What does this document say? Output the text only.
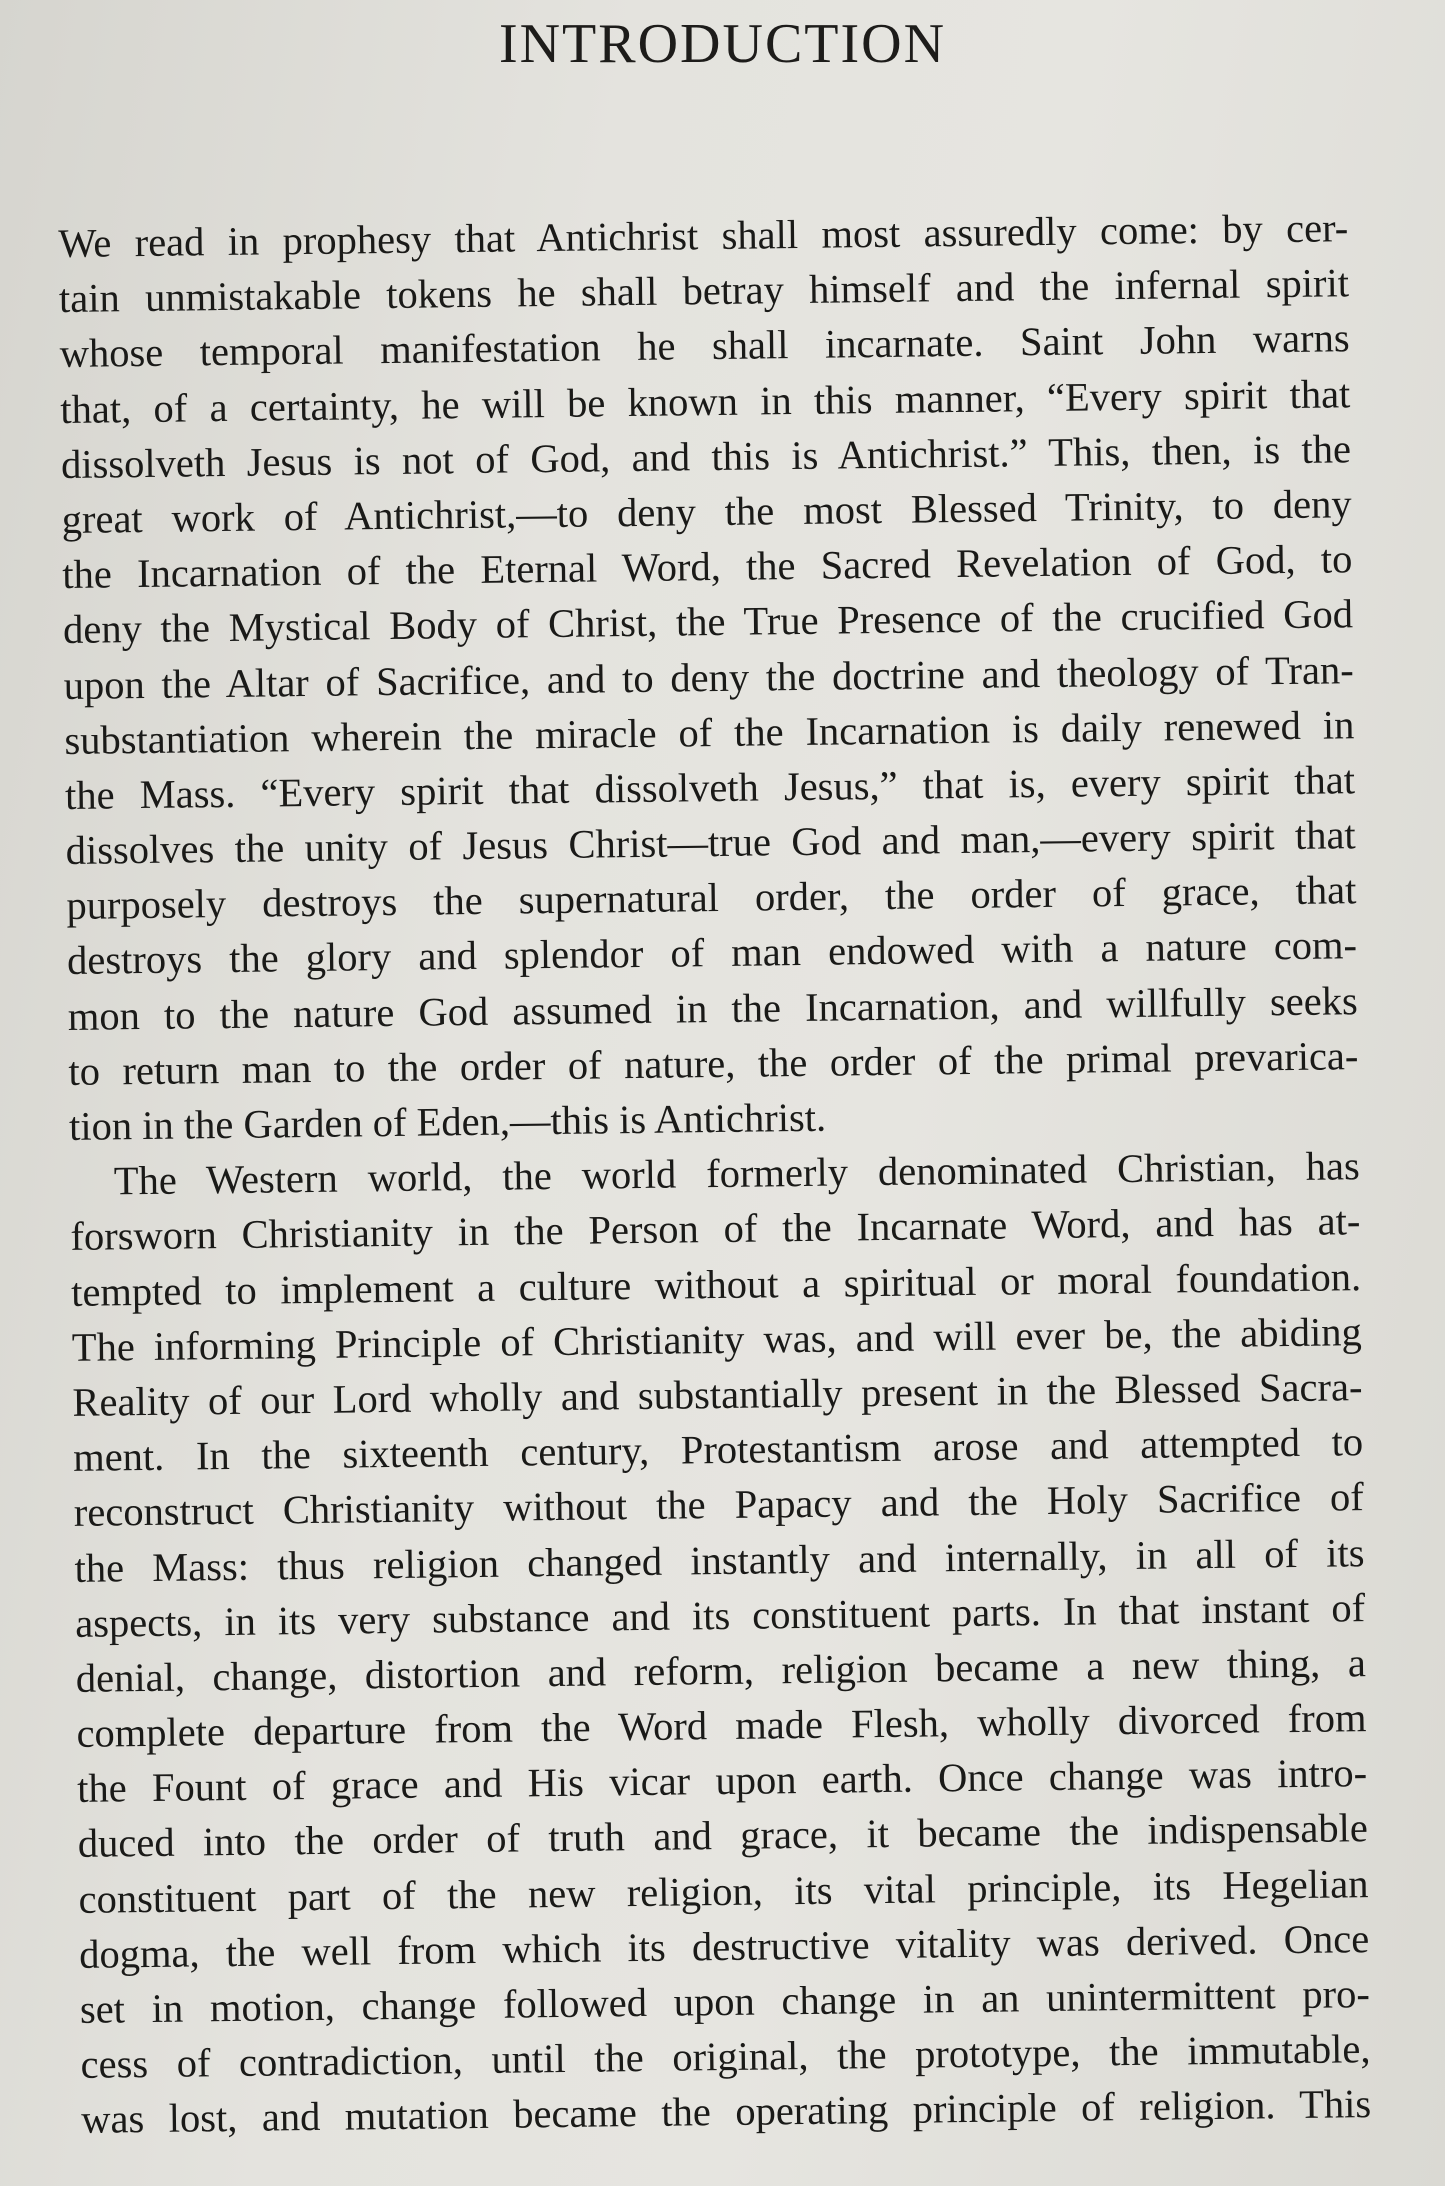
INTRODUCTION
We read in prophesy that Antichrist shall most assuredly come: by cer-
tain unmistakable tokens he shall betray himself and the infernal spirit
whose temporal manifestation he shall incarnate. Saint John warns
that, of a certainty, he will be known in this manner, “Every spirit that
dissolveth Jesus is not of God, and this is Antichrist.” This, then, is the
great work of Antichrist,—to deny the most Blessed Trinity, to deny
the Incarnation of the Eternal Word, the Sacred Revelation of God, to
deny the Mystical Body of Christ, the True Presence of the crucified God
upon the Altar of Sacrifice, and to deny the doctrine and theology of Tran-
substantiation wherein the miracle of the Incarnation is daily renewed in
the Mass. “Every spirit that dissolveth Jesus,” that is, every spirit that
dissolves the unity of Jesus Christ—true God and man,—every spirit that
purposely destroys the supernatural order, the order of grace, that
destroys the glory and splendor of man endowed with a nature com-
mon to the nature God assumed in the Incarnation, and willfully seeks
to return man to the order of nature, the order of the primal prevarica-
tion in the Garden of Eden,—this is Antichrist.
The Western world, the world formerly denominated Christian, has
forsworn Christianity in the Person of the Incarnate Word, and has at-
tempted to implement a culture without a spiritual or moral foundation.
The informing Principle of Christianity was, and will ever be, the abiding
Reality of our Lord wholly and substantially present in the Blessed Sacra-
ment. In the sixteenth century, Protestantism arose and attempted to
reconstruct Christianity without the Papacy and the Holy Sacrifice of
the Mass: thus religion changed instantly and internally, in all of its
aspects, in its very substance and its constituent parts. In that instant of
denial, change, distortion and reform, religion became a new thing, a
complete departure from the Word made Flesh, wholly divorced from
the Fount of grace and His vicar upon earth. Once change was intro-
duced into the order of truth and grace, it became the indispensable
constituent part of the new religion, its vital principle, its Hegelian
dogma, the well from which its destructive vitality was derived. Once
set in motion, change followed upon change in an unintermittent pro-
cess of contradiction, until the original, the prototype, the immutable,
was lost, and mutation became the operating principle of religion. This
